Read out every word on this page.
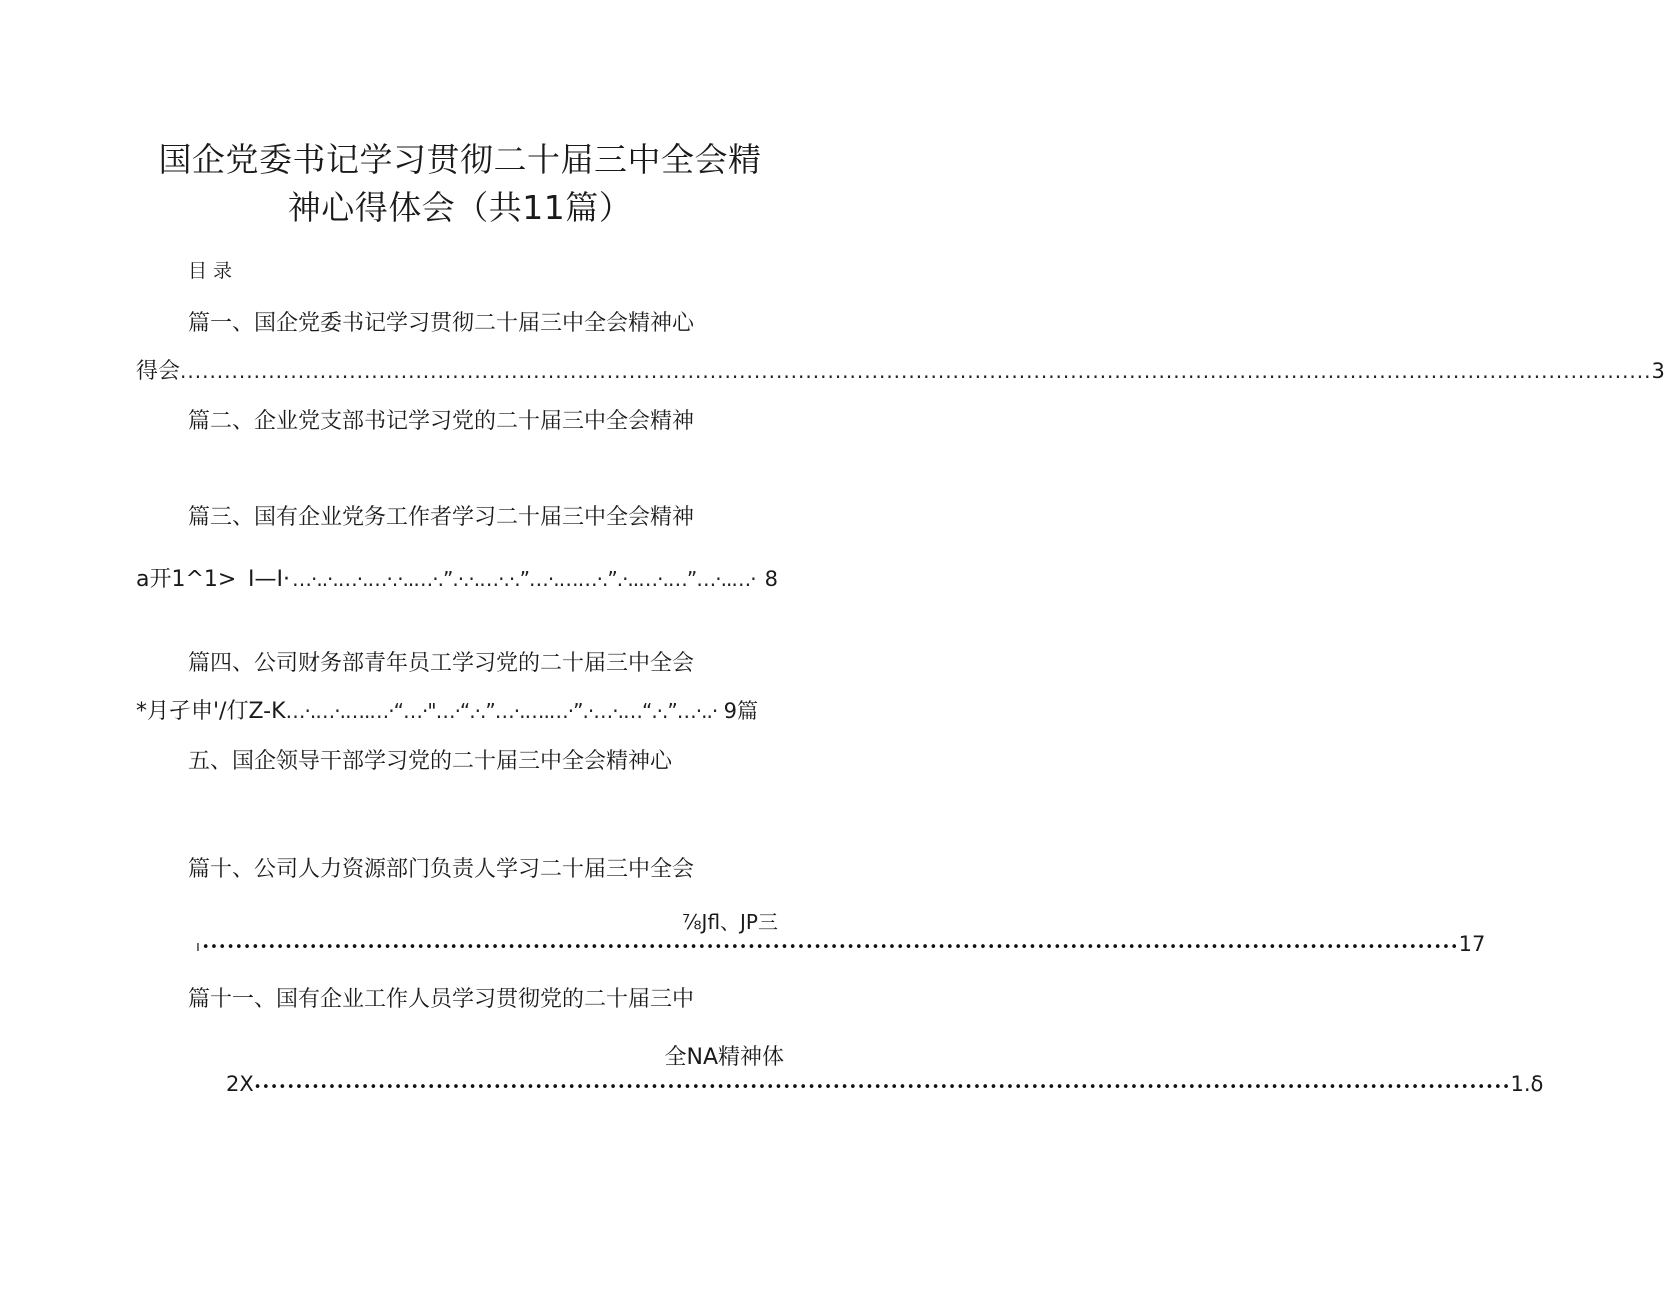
国企党委书记学习贯彻二十届三中全会精
神心得体会（共11篇）
目录
篇一、国企党委书记学习贯彻二十届三中全会精神心
得会 ........................................................................................................................................................................................................ 3
篇二、企业党支部书记学习党的二十届三中全会精神
篇三、国有企业党务工作者学习二十届三中全会精神
a开1^1> I—I· …·..·.…·.…·.·..…·.”.·.·.…·.·.”…·.……·.”.·..…·.…”…·..…· 8
篇四、公司财务部青年员工学习党的二十届三中全会
*月孑申'/仃Z-K …·.…·.….…·“…·"…·“.·.”…·.….…·”.·…·.…“.·.”…·..· 9篇
五、国企领导干部学习党的二十届三中全会精神心
篇十、公司人力资源部门负责人学习二十届三中全会
⅞Jfl、JP三
ı •••••••••••••••••••••••••••••••••••••••••••••••••••••••••••••••••••••••••••••••••••••••••••••••••••••••••••••••••••••••••••••••••••••••••••••••••••••••• 17
篇十一、国有企业工作人员学习贯彻党的二十届三中
全NA精神体
2X •••••••••••••••••••••••••••••••••••••••••••••••••••••••••••••••••••••••••••••••••••••••••••••••••••••••••••••••••••••••••••••••••••••••••••••••••••••••• 1.δ
